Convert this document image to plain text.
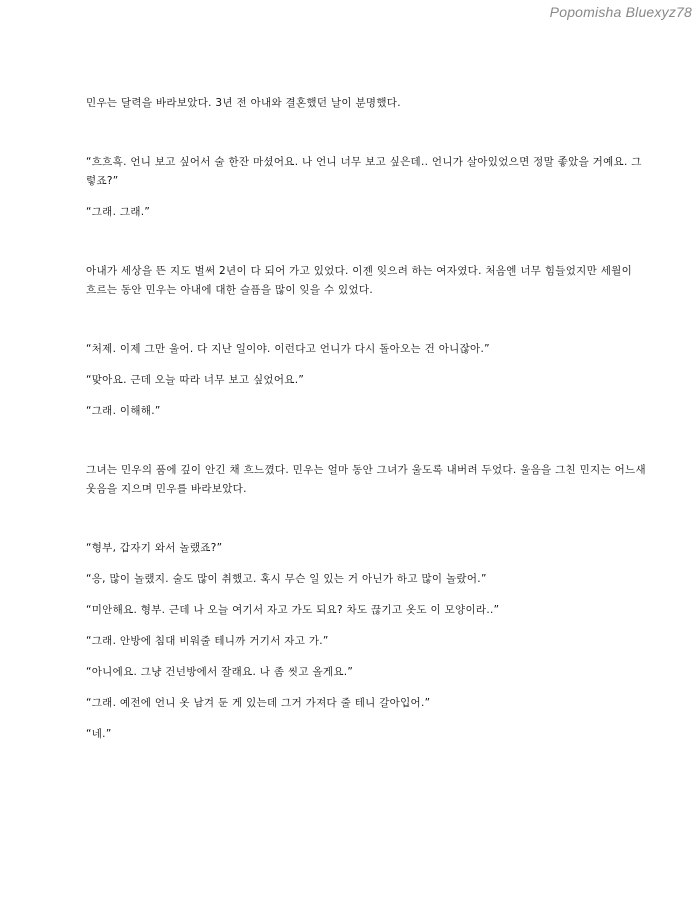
Popomisha Bluexyz78

민우는 달력을 바라보았다. 3년 전 아내와 결혼했던 날이 분명했다.

“흐흐흑. 언니 보고 싶어서 술 한잔 마셨어요. 나 언니 너무 보고 싶은데.. 언니가 살아있었으면 정말 좋았을 거예요. 그렇죠?”

“그래. 그래.”

아내가 세상을 뜬 지도 벌써 2년이 다 되어 가고 있었다. 이젠 잊으려 하는 여자였다. 처음엔 너무 힘들었지만 세월이 흐르는 동안 민우는 아내에 대한 슬픔을 많이 잊을 수 있었다.

“처제. 이제 그만 울어. 다 지난 일이야. 이런다고 언니가 다시 돌아오는 건 아니잖아.”

“맞아요. 근데 오늘 따라 너무 보고 싶었어요.”

“그래. 이해해.”

그녀는 민우의 품에 깊이 안긴 채 흐느꼈다. 민우는 얼마 동안 그녀가 울도록 내버려 두었다. 울음을 그친 민지는 어느새 웃음을 지으며 민우를 바라보았다.

“형부, 갑자기 와서 놀랬죠?”

“응, 많이 놀랬지. 술도 많이 취했고. 혹시 무슨 일 있는 거 아닌가 하고 많이 놀랐어.”

“미안해요. 형부. 근데 나 오늘 여기서 자고 가도 되요? 차도 끊기고 옷도 이 모양이라..”

“그래. 안방에 침대 비워줄 테니까 거기서 자고 가.”

“아니에요. 그냥 건넌방에서 잘래요. 나 좀 씻고 올게요.”

“그래. 예전에 언니 옷 남겨 둔 게 있는데 그거 가져다 줄 테니 갈아입어.”

“네.”
